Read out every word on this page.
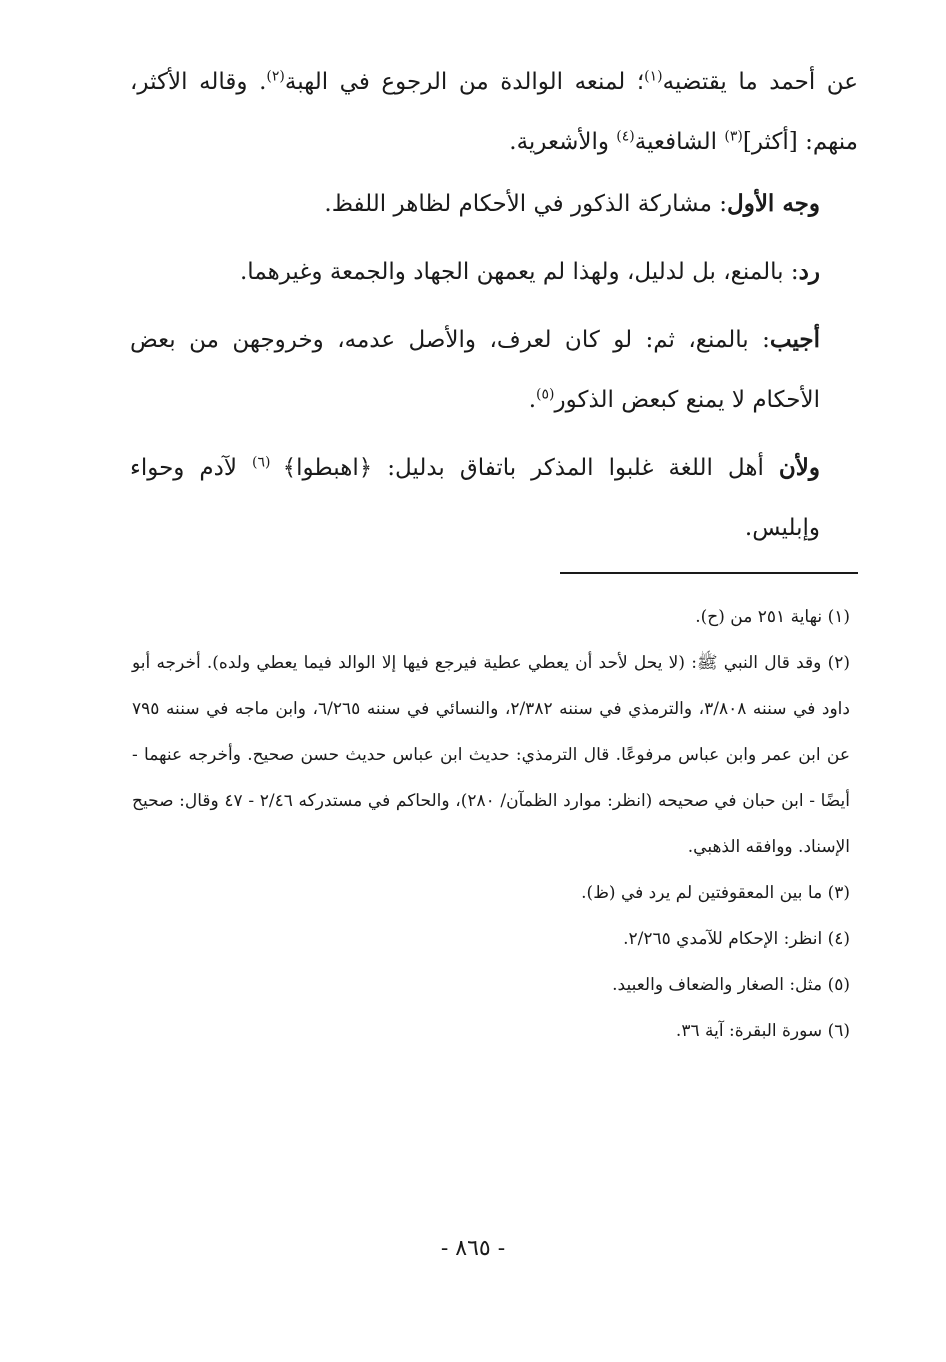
عن أحمد ما يقتضيه$^{(١)}$؛ لمنعه الوالدة من الرجوع في الهبة$^{(٢)}$. وقاله الأكثر، منهم: [أكثر]$^{(٣)}$ الشافعية$^{(٤)}$ والأشعرية.

وجه الأول: مشاركة الذكور في الأحكام لظاهر اللفظ.

رد: بالمنع، بل لدليل، ولهذا لم يعمهن الجهاد والجمعة وغيرهما.

أجيب: بالمنع، ثم: لو كان لعرف، والأصل عدمه، وخروجهن من بعض الأحكام لا يمنع كبعض الذكور$^{(٥)}$.

ولأن أهل اللغة غلبوا المذكر باتفاق بدليل: ﴿اهبطوا﴾ $^{(٦)}$ لآدم وحواء وإبليس.

(١) نهاية ٢٥١ من (ح).

(٢) وقد قال النبي ﷺ: (لا يحل لأحد أن يعطي عطية فيرجع فيها إلا الوالد فيما يعطي ولده). أخرجه أبو داود في سننه ٣/٨٠٨، والترمذي في سننه ٢/٣٨٢، والنسائي في سننه ٦/٢٦٥، وابن ماجه في سننه ٧٩٥ عن ابن عمر وابن عباس مرفوعًا. قال الترمذي: حديث ابن عباس حديث حسن صحيح. وأخرجه عنهما - أيضًا - ابن حبان في صحيحه (انظر: موارد الظمآن/ ٢٨٠)، والحاكم في مستدركه ٢/٤٦ - ٤٧ وقال: صحيح الإسناد. ووافقه الذهبي.

(٣) ما بين المعقوفتين لم يرد في (ظ).

(٤) انظر: الإحكام للآمدي ٢/٢٦٥.

(٥) مثل: الصغار والضعاف والعبيد.

(٦) سورة البقرة: آية ٣٦.

- ٨٦٥ -
